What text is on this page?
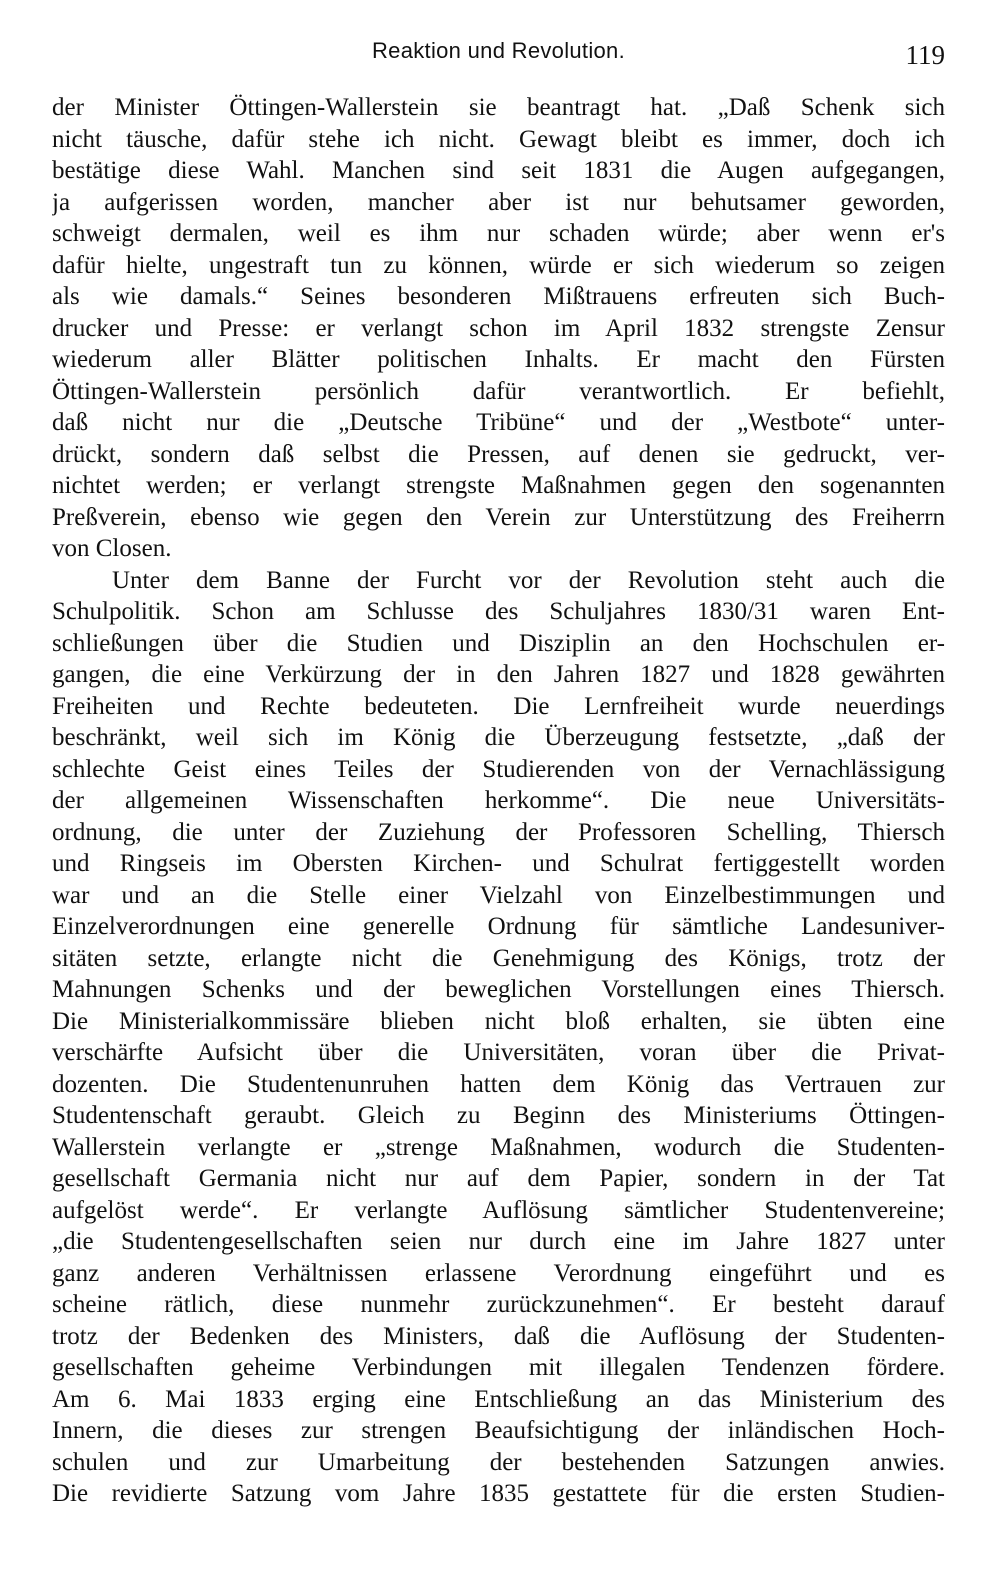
Reaktion und Revolution.	119
der Minister Öttingen-Wallerstein sie beantragt hat. „Daß Schenk sich
nicht täusche, dafür stehe ich nicht. Gewagt bleibt es immer, doch ich
bestätige diese Wahl. Manchen sind seit 1831 die Augen aufgegangen,
ja aufgerissen worden, mancher aber ist nur behutsamer geworden,
schweigt dermalen, weil es ihm nur schaden würde; aber wenn er's
dafür hielte, ungestraft tun zu können, würde er sich wiederum so zeigen
als wie damals.“ Seines besonderen Mißtrauens erfreuten sich Buch-
drucker und Presse: er verlangt schon im April 1832 strengste Zensur
wiederum aller Blätter politischen Inhalts. Er macht den Fürsten
Öttingen-Wallerstein persönlich dafür verantwortlich. Er befiehlt,
daß nicht nur die „Deutsche Tribüne“ und der „Westbote“ unter-
drückt, sondern daß selbst die Pressen, auf denen sie gedruckt, ver-
nichtet werden; er verlangt strengste Maßnahmen gegen den sogenannten
Preßverein, ebenso wie gegen den Verein zur Unterstützung des Freiherrn
von Closen.
Unter dem Banne der Furcht vor der Revolution steht auch die
Schulpolitik. Schon am Schlusse des Schuljahres 1830/31 waren Ent-
schließungen über die Studien und Disziplin an den Hochschulen er-
gangen, die eine Verkürzung der in den Jahren 1827 und 1828 gewährten
Freiheiten und Rechte bedeuteten. Die Lernfreiheit wurde neuerdings
beschränkt, weil sich im König die Überzeugung festsetzte, „daß der
schlechte Geist eines Teiles der Studierenden von der Vernachlässigung
der allgemeinen Wissenschaften herkomme“. Die neue Universitäts-
ordnung, die unter der Zuziehung der Professoren Schelling, Thiersch
und Ringseis im Obersten Kirchen- und Schulrat fertiggestellt worden
war und an die Stelle einer Vielzahl von Einzelbestimmungen und
Einzelverordnungen eine generelle Ordnung für sämtliche Landesuniver-
sitäten setzte, erlangte nicht die Genehmigung des Königs, trotz der
Mahnungen Schenks und der beweglichen Vorstellungen eines Thiersch.
Die Ministerialkommissäre blieben nicht bloß erhalten, sie übten eine
verschärfte Aufsicht über die Universitäten, voran über die Privat-
dozenten. Die Studentenunruhen hatten dem König das Vertrauen zur
Studentenschaft geraubt. Gleich zu Beginn des Ministeriums Öttingen-
Wallerstein verlangte er „strenge Maßnahmen, wodurch die Studenten-
gesellschaft Germania nicht nur auf dem Papier, sondern in der Tat
aufgelöst werde“. Er verlangte Auflösung sämtlicher Studentenvereine;
„die Studentengesellschaften seien nur durch eine im Jahre 1827 unter
ganz anderen Verhältnissen erlassene Verordnung eingeführt und es
scheine rätlich, diese nunmehr zurückzunehmen“. Er besteht darauf
trotz der Bedenken des Ministers, daß die Auflösung der Studenten-
gesellschaften geheime Verbindungen mit illegalen Tendenzen fördere.
Am 6. Mai 1833 erging eine Entschließung an das Ministerium des
Innern, die dieses zur strengen Beaufsichtigung der inländischen Hoch-
schulen und zur Umarbeitung der bestehenden Satzungen anwies.
Die revidierte Satzung vom Jahre 1835 gestattete für die ersten Studien-
